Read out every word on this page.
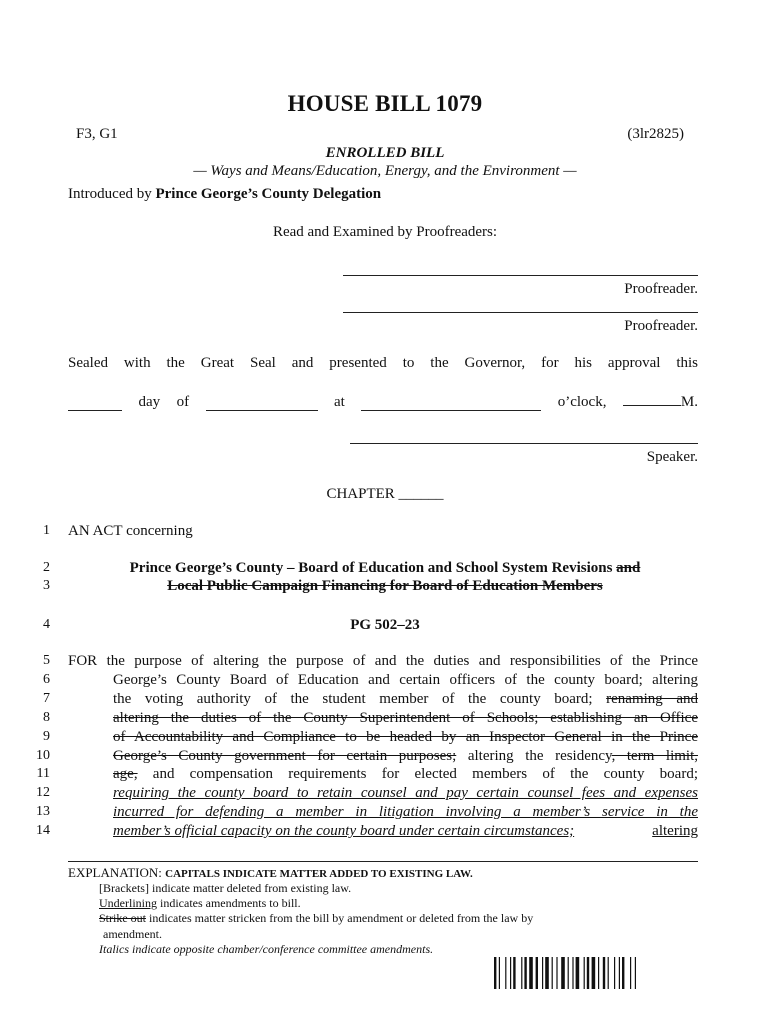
HOUSE BILL 1079
F3, G1	(3lr2825)
ENROLLED BILL
— Ways and Means/Education, Energy, and the Environment —
Introduced by Prince George’s County Delegation
Read and Examined by Proofreaders:
Proofreader.
Proofreader.
Sealed with the Great Seal and presented to the Governor, for his approval this
day of	at	o’clock,	M.
Speaker.
CHAPTER ______
1
2
3
4
5
6
7
8
9
10
11
12
13
14
AN ACT concerning
Prince George’s County – Board of Education and School System Revisions and
Local Public Campaign Financing for Board of Education Members
PG 502–23
FOR the purpose of altering the purpose of and the duties and responsibilities of the Prince
George’s County Board of Education and certain officers of the county board; altering
the voting authority of the student member of the county board; renaming and
altering the duties of the County Superintendent of Schools; establishing an Office
of Accountability and Compliance to be headed by an Inspector General in the Prince
George’s County government for certain purposes; altering the residency, term limit,
age, and compensation requirements for elected members of the county board;
requiring the county board to retain counsel and pay certain counsel fees and expenses
incurred for defending a member in litigation involving a member’s service in the
member’s official capacity on the county board under certain circumstances;	altering
EXPLANATION: CAPITALS INDICATE MATTER ADDED TO EXISTING LAW.
[Brackets] indicate matter deleted from existing law.
Underlining indicates amendments to bill.
Strike out indicates matter stricken from the bill by amendment or deleted from the law by
amendment.
Italics indicate opposite chamber/conference committee amendments.
